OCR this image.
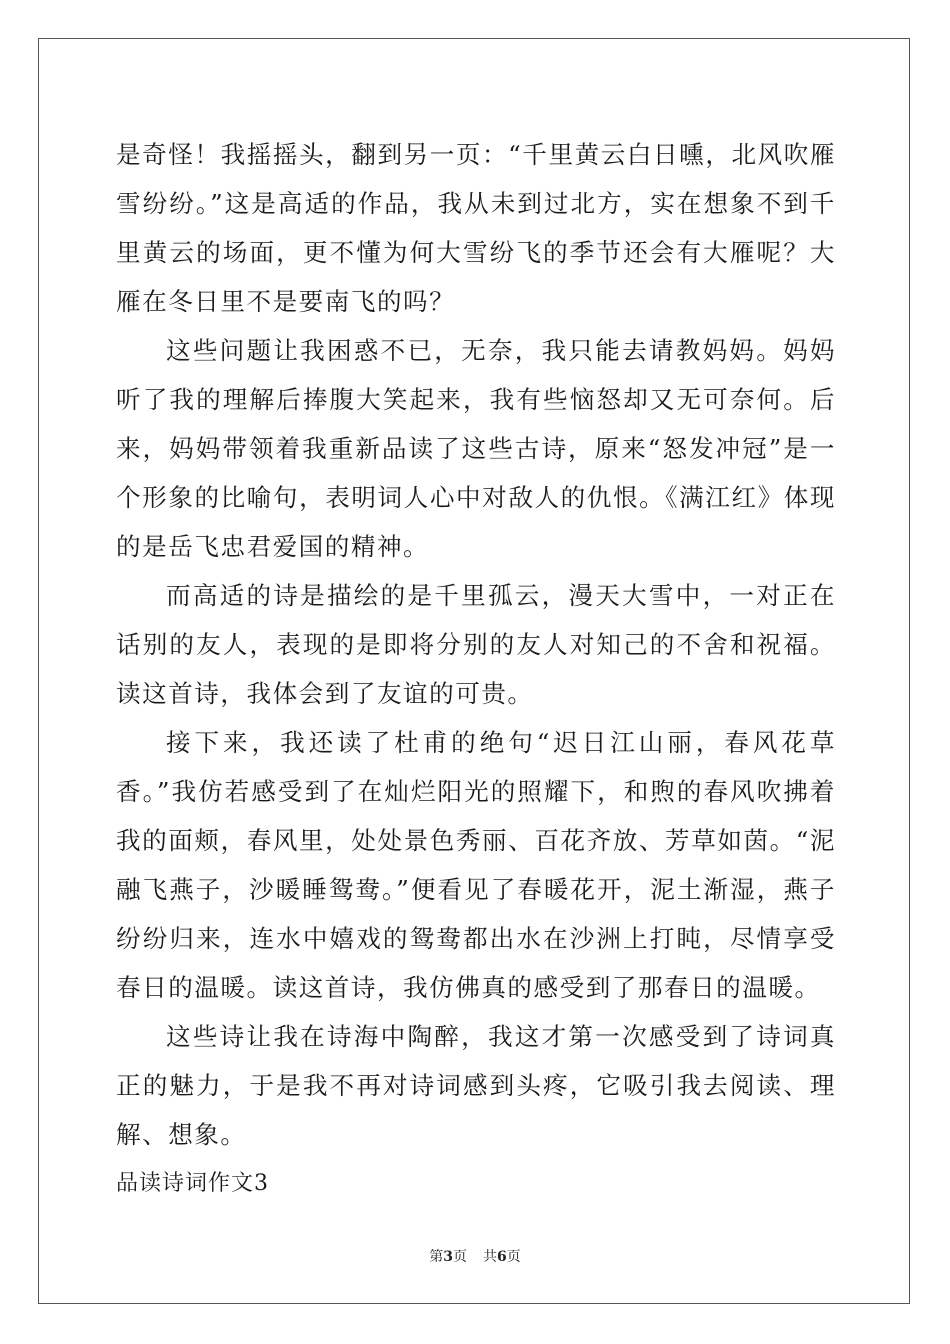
是奇怪！我摇摇头，翻到另一页：“千里黄云白日曛，北风吹雁雪纷纷。”这是高适的作品，我从未到过北方，实在想象不到千里黄云的场面，更不懂为何大雪纷飞的季节还会有大雁呢？大雁在冬日里不是要南飞的吗？

这些问题让我困惑不已，无奈，我只能去请教妈妈。妈妈听了我的理解后捧腹大笑起来，我有些恼怒却又无可奈何。后来，妈妈带领着我重新品读了这些古诗，原来“怒发冲冠”是一个形象的比喻句，表明词人心中对敌人的仇恨。《满江红》体现的是岳飞忠君爱国的精神。

而高适的诗是描绘的是千里孤云，漫天大雪中，一对正在话别的友人，表现的是即将分别的友人对知己的不舍和祝福。读这首诗，我体会到了友谊的可贵。

接下来，我还读了杜甫的绝句“迟日江山丽，春风花草香。”我仿若感受到了在灿烂阳光的照耀下，和煦的春风吹拂着我的面颊，春风里，处处景色秀丽、百花齐放、芳草如茵。“泥融飞燕子，沙暖睡鸳鸯。”便看见了春暖花开，泥土渐湿，燕子纷纷归来，连水中嬉戏的鸳鸯都出水在沙洲上打盹，尽情享受春日的温暖。读这首诗，我仿佛真的感受到了那春日的温暖。

这些诗让我在诗海中陶醉，我这才第一次感受到了诗词真正的魅力，于是我不再对诗词感到头疼，它吸引我去阅读、理解、想象。

品读诗词作文3
第3页 共6页
